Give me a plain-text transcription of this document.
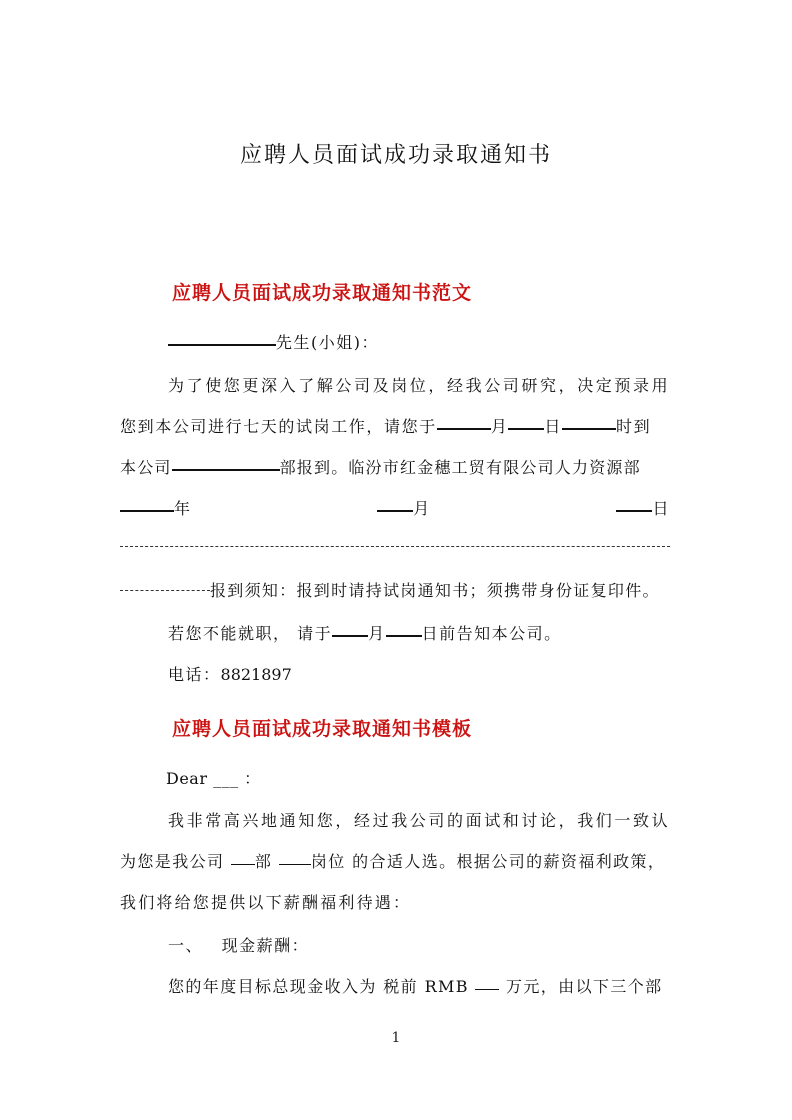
应聘人员面试成功录取通知书
应聘人员面试成功录取通知书范文
先生(小姐)：
为了使您更深入了解公司及岗位，经我公司研究，决定预录用
您到本公司进行七天的试岗工作，请您于	月 日	时到
本公司	部报到。临汾市红金穗工贸有限公司人力资源部
年	月	日
报到须知：报到时请持试岗通知书；须携带身份证复印件。
若您不能就职， 请于 月 日前告知本公司。
电话：8821897
应聘人员面试成功录取通知书模板
Dear ___ ：
我非常高兴地通知您，经过我公司的面试和讨论，我们一致认
为您是我公司 部 岗位 的合适人选。根据公司的薪资福利政策，
我们将给您提供以下薪酬福利待遇：
一、 现金薪酬：
您的年度目标总现金收入为 税前 RMB 万元，由以下三个部
1
